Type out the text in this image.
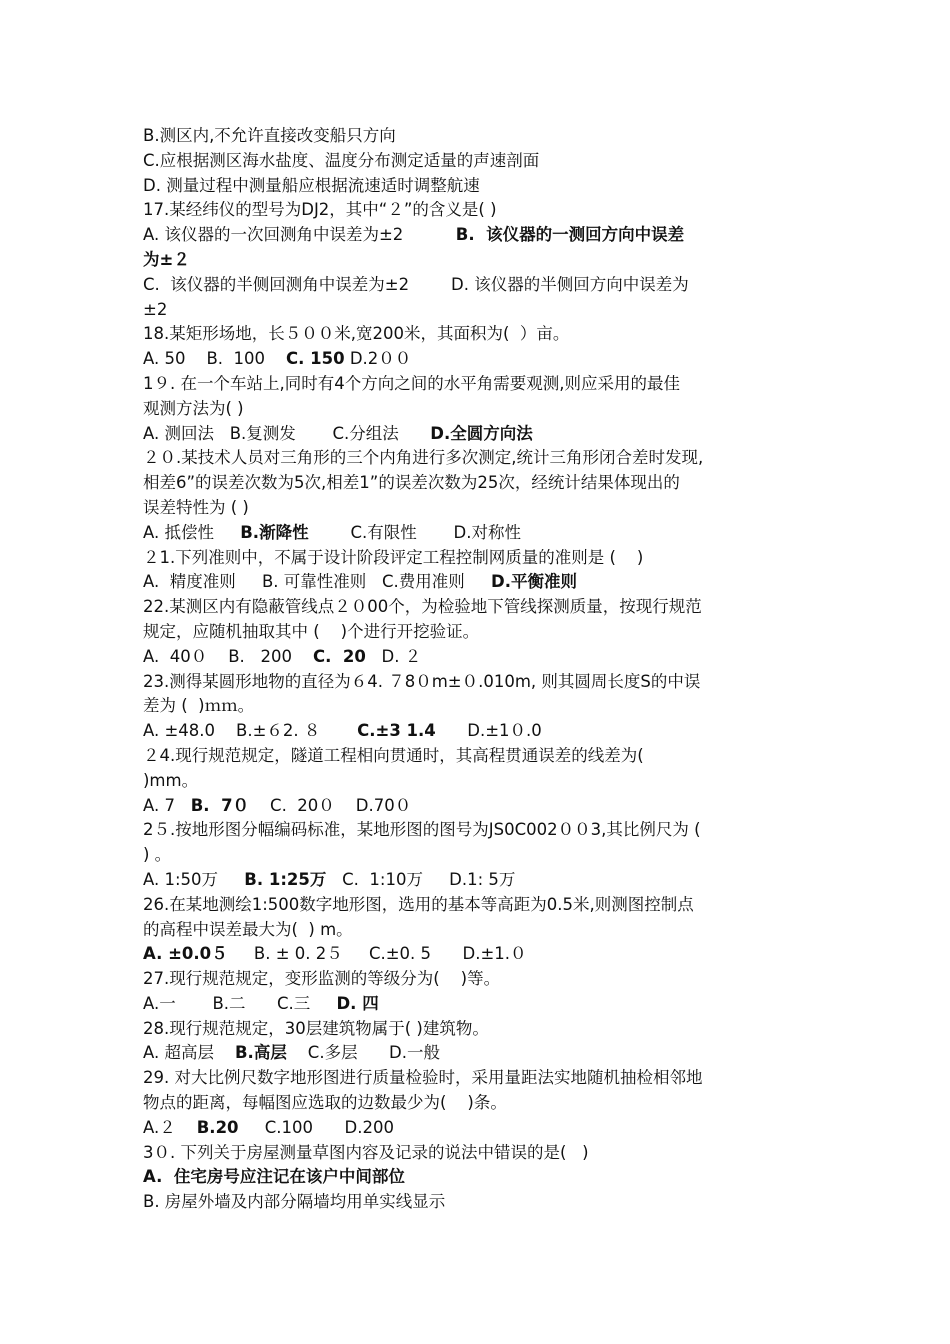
B.测区内,不允许直接改变船只方向
C.应根据测区海水盐度、温度分布测定适量的声速剖面
D. 测量过程中测量船应根据流速适时调整航速
17.某经纬仪的型号为DJ2，其中“２”的含义是( )
A. 该仪器的一次回测角中误差为±2          B.  该仪器的一测回方向中误差
为±２
C.  该仪器的半侧回测角中误差为±2        D. 该仪器的半侧回方向中误差为
±2
18.某矩形场地，长５００米,宽200米，其面积为(  ）亩。
A. 50    B.  100    C. 150 D.2００
1９. 在一个车站上,同时有4个方向之间的水平角需要观测,则应采用的最佳
观测方法为( )
A. 测回法   B.复测发       C.分组法      D.全圆方向法
２０.某技术人员对三角形的三个内角进行多次测定,统计三角形闭合差时发现,
相差6”的误差次数为5次,相差1”的误差次数为25次，经统计结果体现出的
误差特性为 ( )
A. 抵偿性     B.渐降性        C.有限性       D.对称性
２1.下列准则中，不属于设计阶段评定工程控制网质量的准则是 (    )
A.  精度准则     B. 可靠性准则   C.费用准则     D.平衡准则
22.某测区内有隐蔽管线点２０00个，为检验地下管线探测质量，按现行规范
规定，应随机抽取其中 (    )个进行开挖验证。
A.  40０    B.   200    C.  20   D. ２
23.测得某圆形地物的直径为６4. ７8０m±０.010m, 则其圆周长度S的中误
差为 (  )ｍｍ。
A. ±48.0    B.±６2. ８       C.±3 1.4      D.±1０.0
２4.现行规范规定，隧道工程相向贯通时，其高程贯通误差的线差为(
)mm。
A. 7   B.  7０    C.  20０    D.70０
2５.按地形图分幅编码标准，某地形图的图号为JS0C002００3,其比例尺为 (
) 。
A. 1:50万     B. 1:25万   C.  1:10万     D.1: 5万
26.在某地测绘1:500数字地形图，选用的基本等高距为0.5米,则测图控制点
的高程中误差最大为(  ) m。
A. ±0.0５     B. ± 0. 2５     C.±0. 5      D.±1.０
27.现行规范规定，变形监测的等级分为(    )等。
A.一       B.二      C.三     D. 四
28.现行规范规定，30层建筑物属于( )建筑物。
A. 超高层    B.高层    C.多层      D.一般
29. 对大比例尺数字地形图进行质量检验时，采用量距法实地随机抽检相邻地
物点的距离，每幅图应选取的边数最少为(    )条。
A.２    B.20     C.100      D.200
3０. 下列关于房屋测量草图内容及记录的说法中错误的是(   )
A.  住宅房号应注记在该户中间部位
B. 房屋外墙及内部分隔墙均用单实线显示
